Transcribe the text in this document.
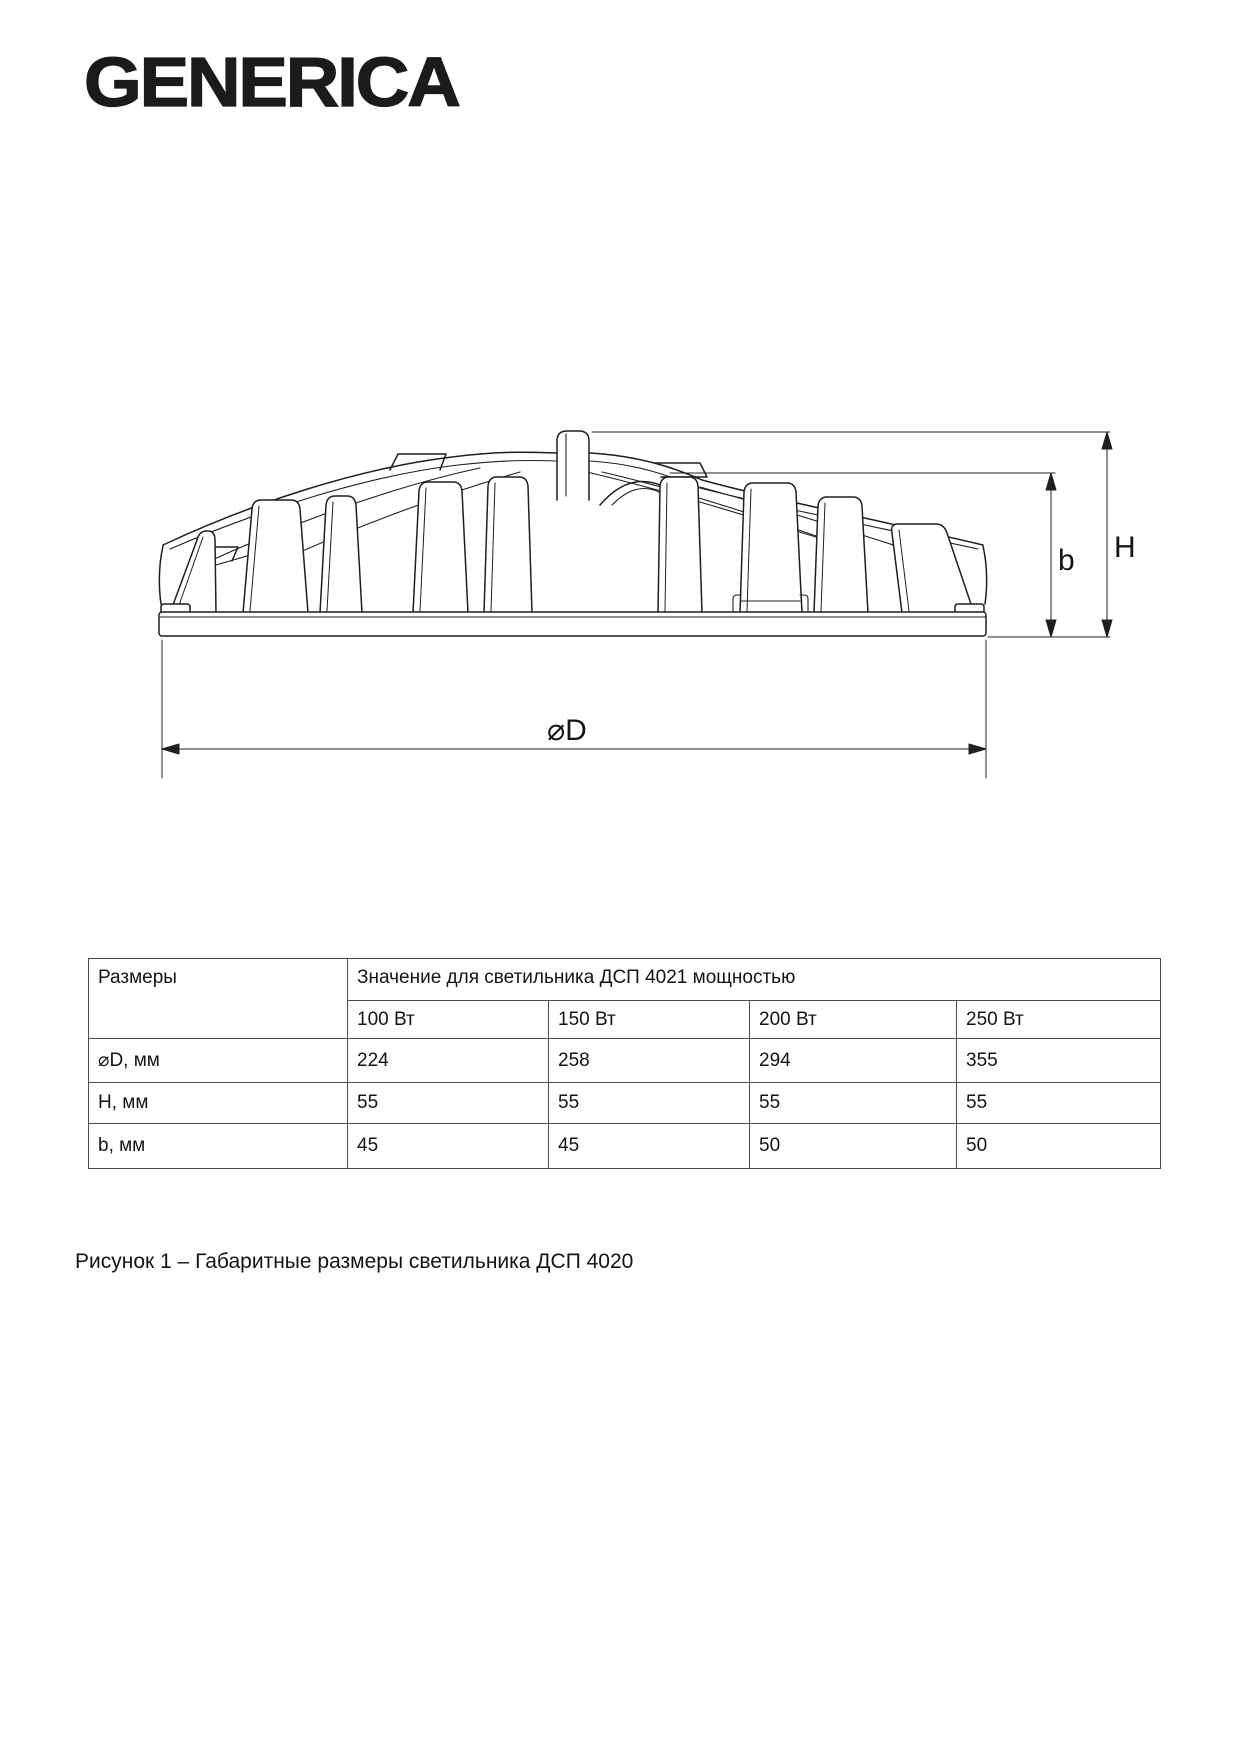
GENERICA
H
b
⌀D
Размеры	Значение для светильника ДСП 4021 мощностью			
	100 Вт	150 Вт	200 Вт	250 Вт
⌀D, мм	224	258	294	355
H, мм	55	55	55	55
b, мм	45	45	50	50
Рисунок 1 – Габаритные размеры светильника ДСП 4020
